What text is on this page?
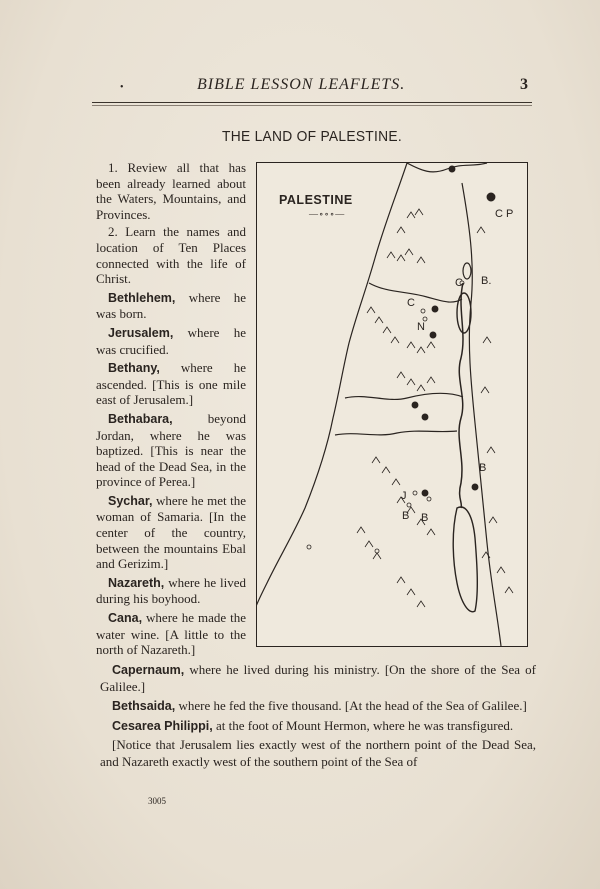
•	BIBLE LESSON LEAFLETS.	3
THE LAND OF PALESTINE.

1. Review all that has been already learned about the Waters, Mountains, and Provinces.

2. Learn the names and location of Ten Places connected with the life of Christ.

Bethlehem, where he was born.

Jerusalem, where he was crucified.

Bethany, where he ascended. [This is one mile east of Jerusalem.]

Bethabara,	beyond Jordan, where he was baptized. [This is near the head of the Dead Sea, in the province of Perea.]

Sychar, where he met the woman of Samaria. [In the center of the country, between the mountains Ebal and Gerizim.]

Nazareth, where he lived during his boyhood.

Cana, where he made the water wine. [A little to the north of Nazareth.]

C P
C B.
C
N
B
J
B B
PALESTINE
—∘∘∘—

Capernaum, where he lived during his ministry. [On the shore of the Sea of Galilee.]

Bethsaida, where he fed the five thousand. [At the head of the Sea of Galilee.]

Cesarea Philippi, at the foot of Mount Hermon, where he was transfigured.

[Notice that Jerusalem lies exactly west of the northern point of the Dead Sea, and Nazareth exactly west of the southern point of the Sea of

3005
